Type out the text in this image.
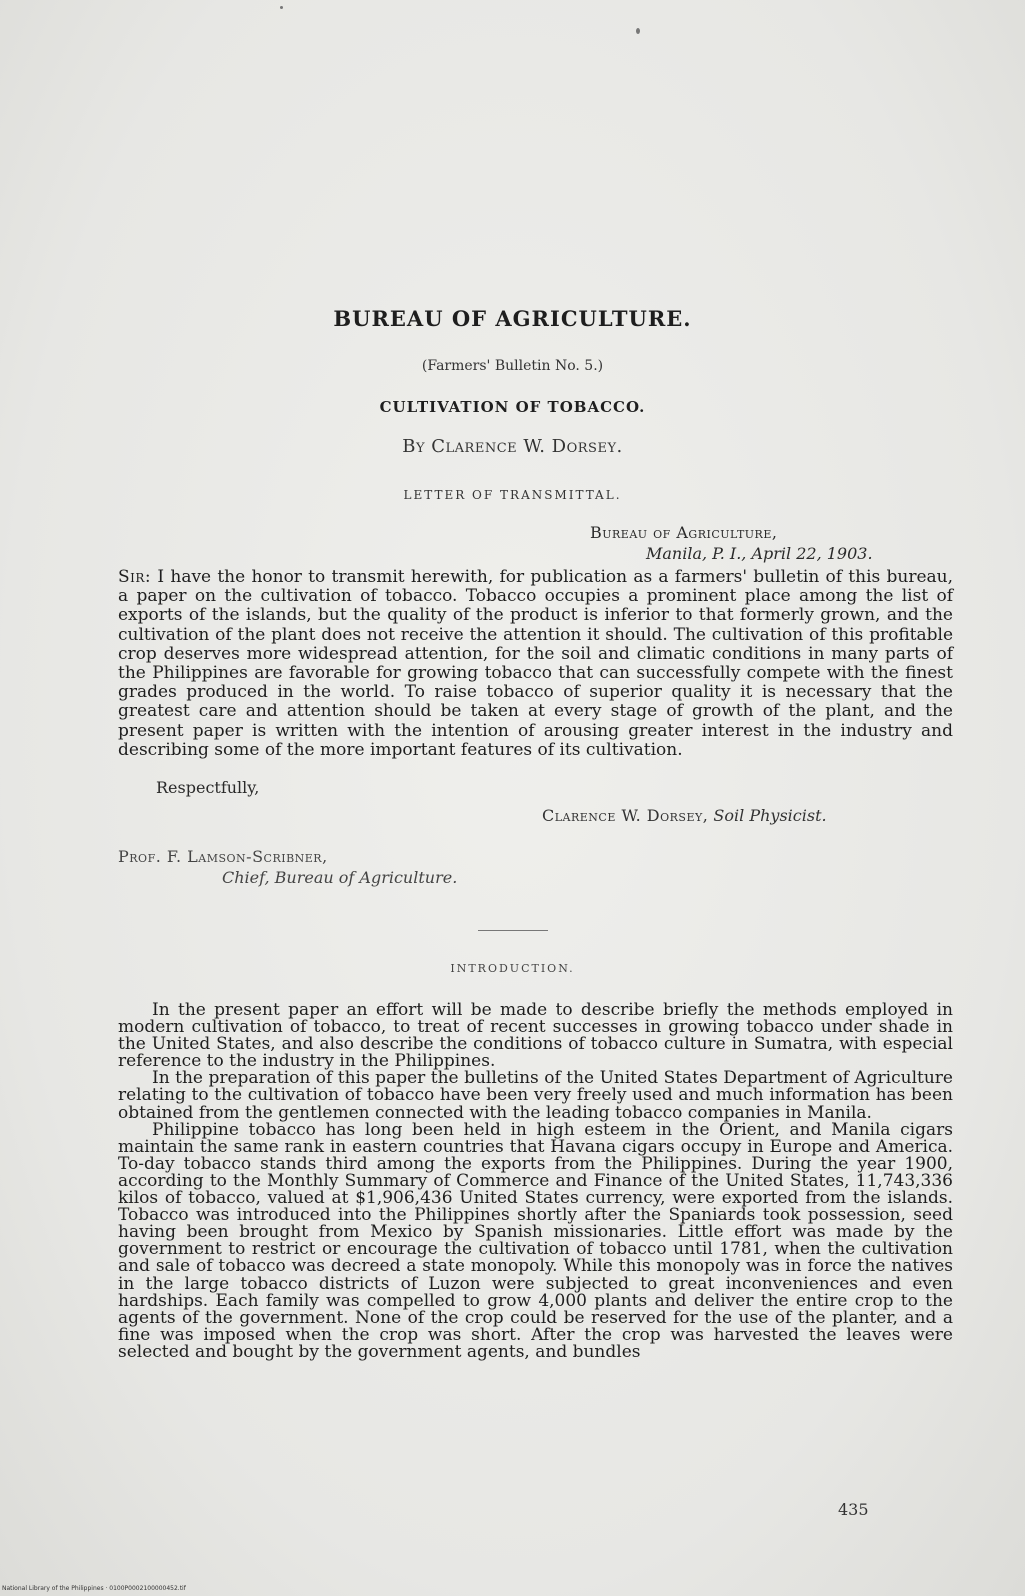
BUREAU OF AGRICULTURE.
(Farmers' Bulletin No. 5.)
CULTIVATION OF TOBACCO.
By Clarence W. Dorsey.
LETTER OF TRANSMITTAL.
Bureau of Agriculture,
Manila, P. I., April 22, 1903.
Sir: I have the honor to transmit herewith, for publication as a farmers' bulletin of this bureau, a paper on the cultivation of tobacco. Tobacco occupies a prominent place among the list of exports of the islands, but the quality of the product is inferior to that formerly grown, and the cultivation of the plant does not receive the attention it should. The cultivation of this profitable crop deserves more widespread attention, for the soil and climatic conditions in many parts of the Philippines are favorable for growing tobacco that can successfully compete with the finest grades produced in the world. To raise tobacco of superior quality it is necessary that the greatest care and attention should be taken at every stage of growth of the plant, and the present paper is written with the intention of arousing greater interest in the industry and describing some of the more important features of its cultivation.
Respectfully,
Clarence W. Dorsey, Soil Physicist.
Prof. F. Lamson-Scribner,
Chief, Bureau of Agriculture.
INTRODUCTION.

In the present paper an effort will be made to describe briefly the methods employed in modern cultivation of tobacco, to treat of recent successes in growing tobacco under shade in the United States, and also describe the conditions of tobacco culture in Sumatra, with especial reference to the industry in the Philippines.

In the preparation of this paper the bulletins of the United States Department of Agriculture relating to the cultivation of tobacco have been very freely used and much information has been obtained from the gentlemen connected with the leading tobacco companies in Manila.

Philippine tobacco has long been held in high esteem in the Orient, and Manila cigars maintain the same rank in eastern countries that Havana cigars occupy in Europe and America. To-day tobacco stands third among the exports from the Philippines. During the year 1900, according to the Monthly Summary of Commerce and Finance of the United States, 11,743,336 kilos of tobacco, valued at $1,906,436 United States currency, were exported from the islands. Tobacco was introduced into the Philippines shortly after the Spaniards took possession, seed having been brought from Mexico by Spanish missionaries. Little effort was made by the government to restrict or encourage the cultivation of tobacco until 1781, when the cultivation and sale of tobacco was decreed a state monopoly. While this monopoly was in force the natives in the large tobacco districts of Luzon were subjected to great inconveniences and even hardships. Each family was compelled to grow 4,000 plants and deliver the entire crop to the agents of the government. None of the crop could be reserved for the use of the planter, and a fine was imposed when the crop was short. After the crop was harvested the leaves were selected and bought by the government agents, and bundles

435
National Library of the Philippines · 0100P0002100000452.tif
